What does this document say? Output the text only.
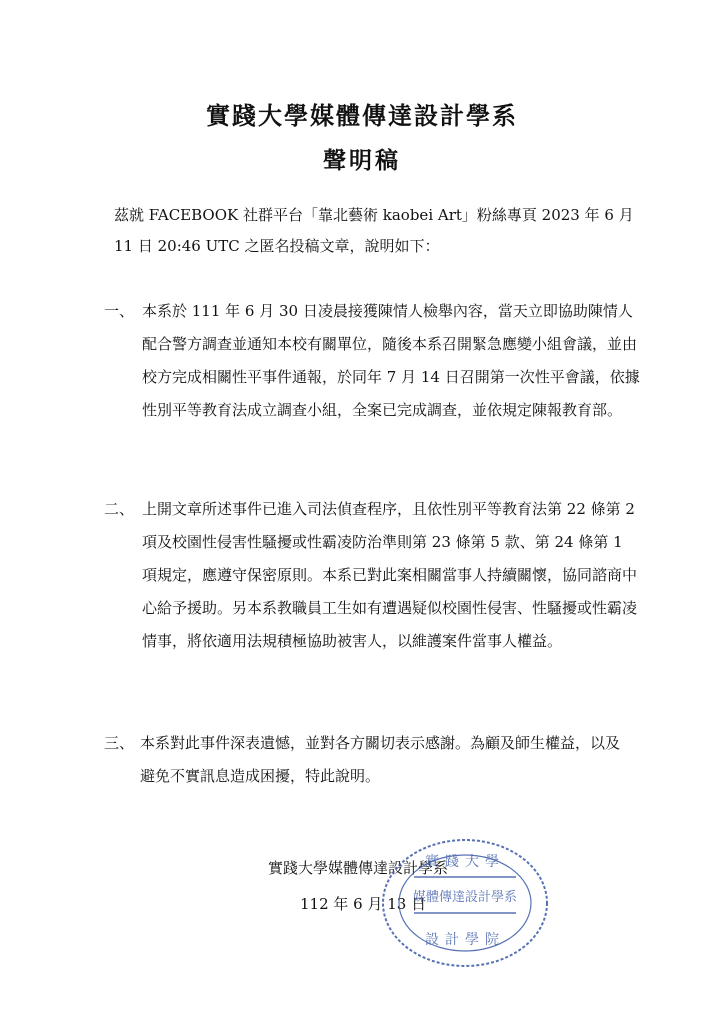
實踐大學媒體傳達設計學系
聲明稿
茲就 FACEBOOK 社群平台「靠北藝術 kaobei Art」粉絲專頁 2023 年 6 月
11 日 20:46 UTC 之匿名投稿文章，說明如下：
一、 本系於 111 年 6 月 30 日凌晨接獲陳情人檢舉內容，當天立即協助陳情人配合警方調查並通知本校有關單位，隨後本系召開緊急應變小組會議，並由校方完成相關性平事件通報，於同年 7 月 14 日召開第一次性平會議，依據性別平等教育法成立調查小組，全案已完成調查，並依規定陳報教育部。
二、 上開文章所述事件已進入司法偵查程序，且依性別平等教育法第 22 條第 2 項及校園性侵害性騷擾或性霸凌防治準則第 23 條第 5 款、第 24 條第 1 項規定，應遵守保密原則。本系已對此案相關當事人持續關懷，協同諮商中心給予援助。另本系教職員工生如有遭遇疑似校園性侵害、性騷擾或性霸凌情事，將依適用法規積極協助被害人，以維護案件當事人權益。
三、 本系對此事件深表遺憾，並對各方關切表示感謝。為顧及師生權益，以及避免不實訊息造成困擾，特此說明。
實踐大學媒體傳達設計學系
112 年 6 月 13 日
實踐大學
媒體傳達設計學系
設計學院
